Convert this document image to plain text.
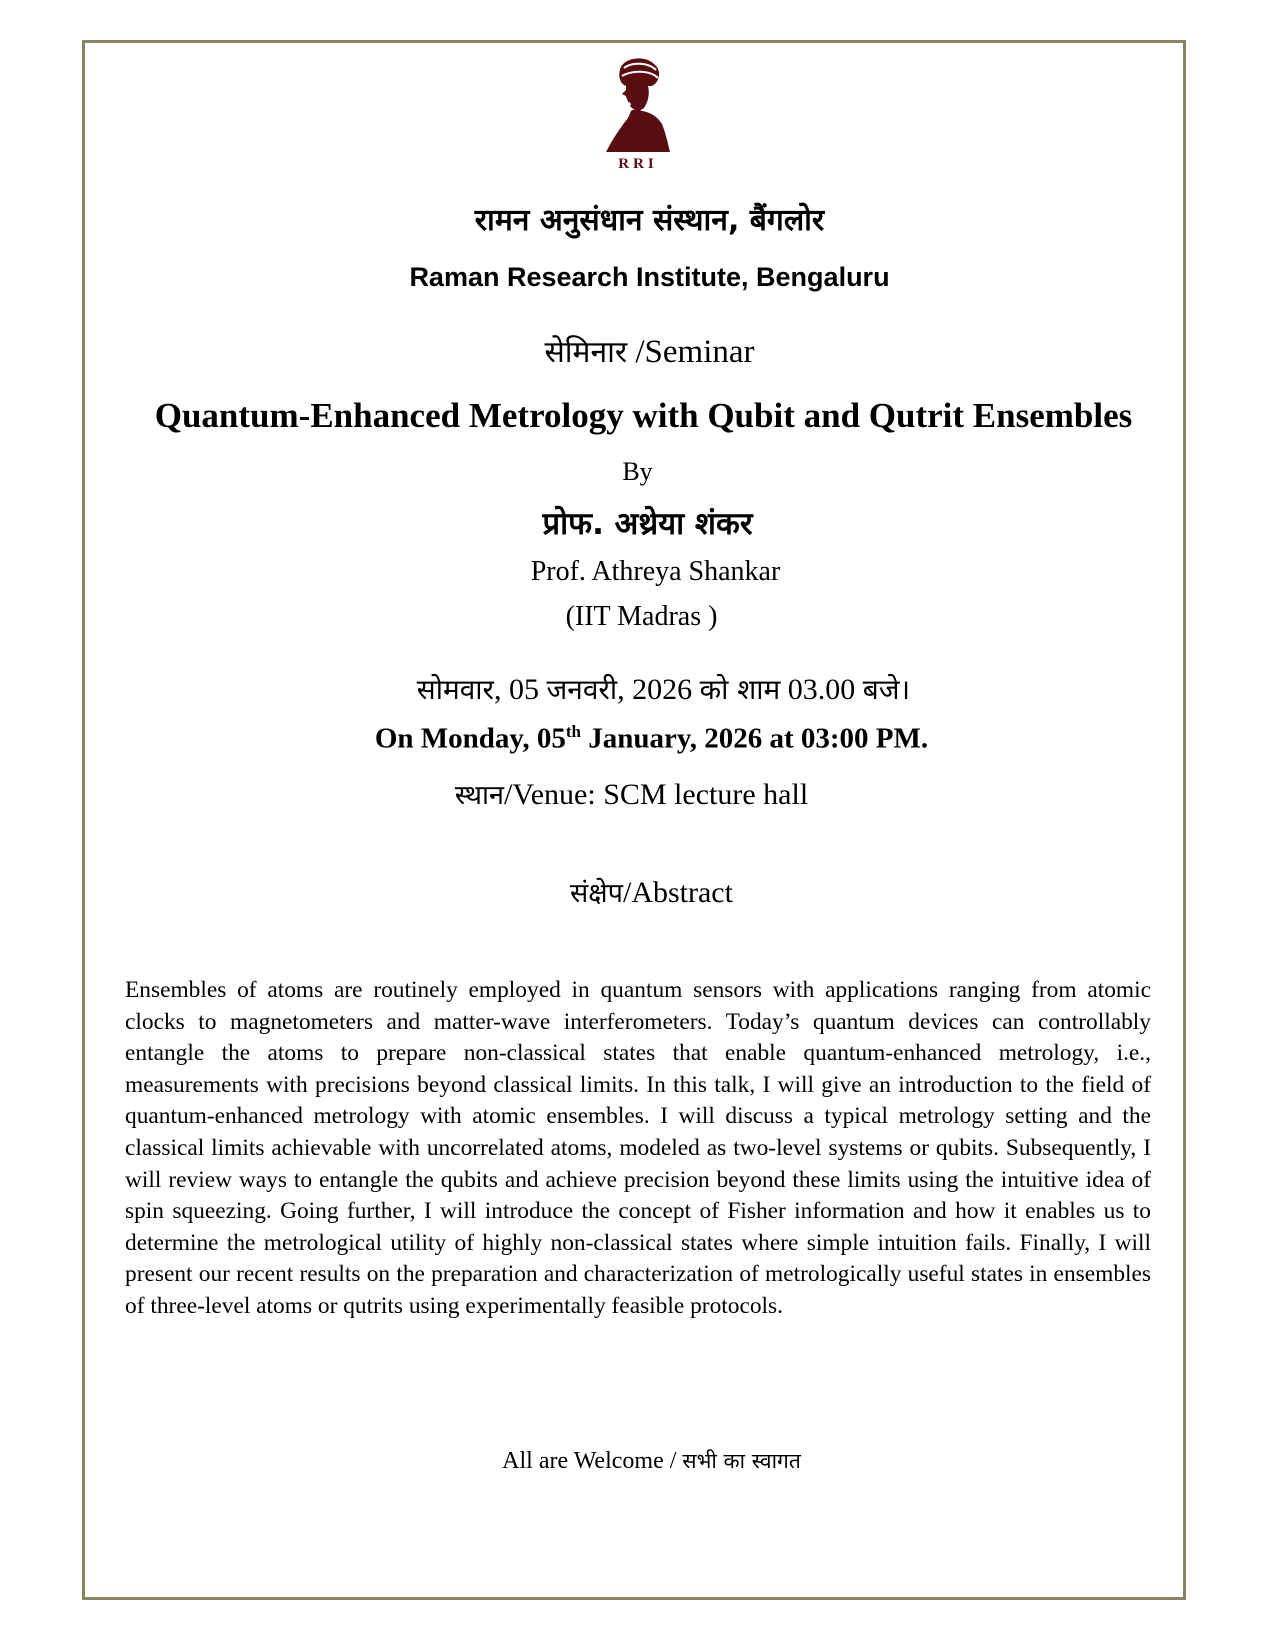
RRI
रामन अनुसंधान संस्थान, बैंगलोर
Raman Research Institute, Bengaluru
सेमिनार /Seminar
Quantum-Enhanced Metrology with Qubit and Qutrit Ensembles
By
प्रोफ. अथ्रेया शंकर
Prof. Athreya Shankar
(IIT Madras )
सोमवार, 05 जनवरी, 2026 को शाम 03.00 बजे।
On Monday, 05th January, 2026 at 03:00 PM.
स्थान/Venue: SCM lecture hall
संक्षेप/Abstract
Ensembles of atoms are routinely employed in quantum sensors with applications ranging from atomic clocks to magnetometers and matter-wave interferometers. Today’s quantum devices can controllably entangle the atoms to prepare non-classical states that enable quantum-enhanced metrology, i.e., measurements with precisions beyond classical limits. In this talk, I will give an introduction to the field of quantum-enhanced metrology with atomic ensembles. I will discuss a typical metrology setting and the classical limits achievable with uncorrelated atoms, modeled as two-level systems or qubits. Subsequently, I will review ways to entangle the qubits and achieve precision beyond these limits using the intuitive idea of spin squeezing. Going further, I will introduce the concept of Fisher information and how it enables us to determine the metrological utility of highly non-classical states where simple intuition fails. Finally, I will present our recent results on the preparation and characterization of metrologically useful states in ensembles of three-level atoms or qutrits using experimentally feasible protocols.
All are Welcome / सभी का स्वागत
